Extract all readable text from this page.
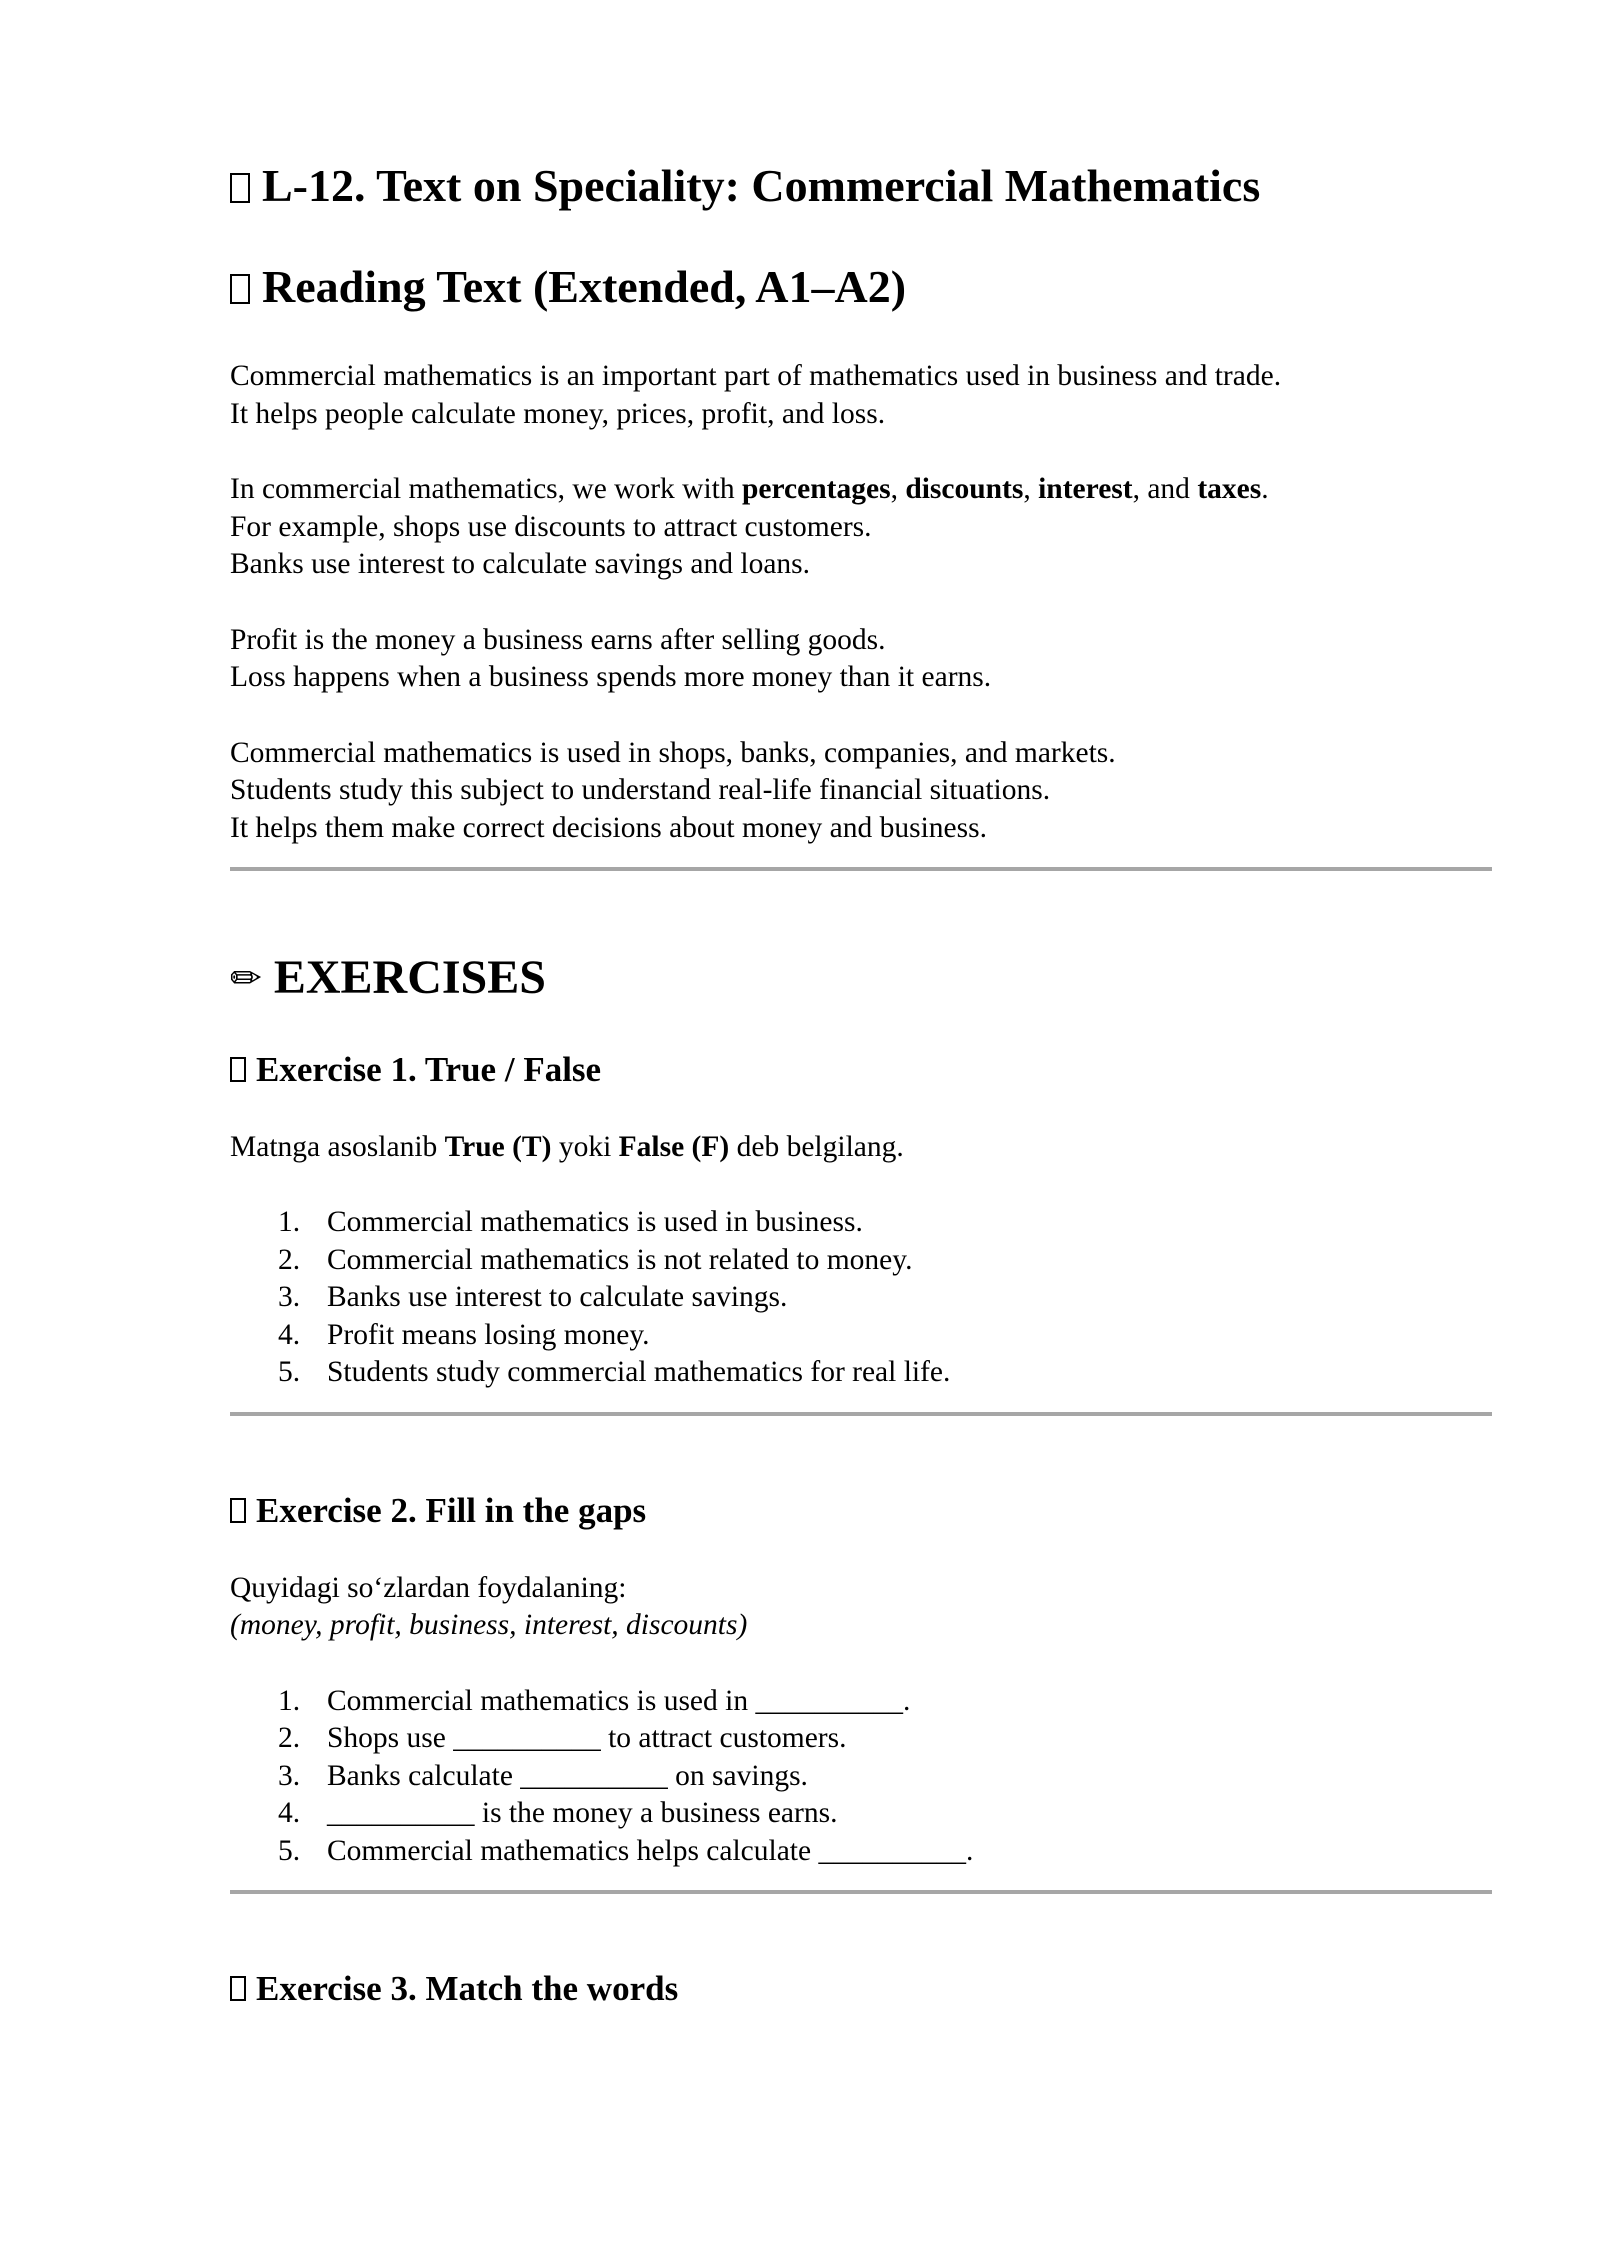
L-12. Text on Speciality: Commercial Mathematics
Reading Text (Extended, A1–A2)

Commercial mathematics is an important part of mathematics used in business and trade.

It helps people calculate money, prices, profit, and loss.

In commercial mathematics, we work with percentages, discounts, interest, and taxes.

For example, shops use discounts to attract customers.

Banks use interest to calculate savings and loans.

Profit is the money a business earns after selling goods.

Loss happens when a business spends more money than it earns.

Commercial mathematics is used in shops, banks, companies, and markets.

Students study this subject to understand real-life financial situations.

It helps them make correct decisions about money and business.

✏ EXERCISES
Exercise 1. True / False

Matnga asoslanib True (T) yoki False (F) deb belgilang.

1. Commercial mathematics is used in business.
2. Commercial mathematics is not related to money.
3. Banks use interest to calculate savings.
4. Profit means losing money.
5. Students study commercial mathematics for real life.
Exercise 2. Fill in the gaps

Quyidagi so‘zlardan foydalaning:

(money, profit, business, interest, discounts)

1. Commercial mathematics is used in __________.
2. Shops use __________ to attract customers.
3. Banks calculate __________ on savings.
4. __________ is the money a business earns.
5. Commercial mathematics helps calculate __________.
Exercise 3. Match the words
